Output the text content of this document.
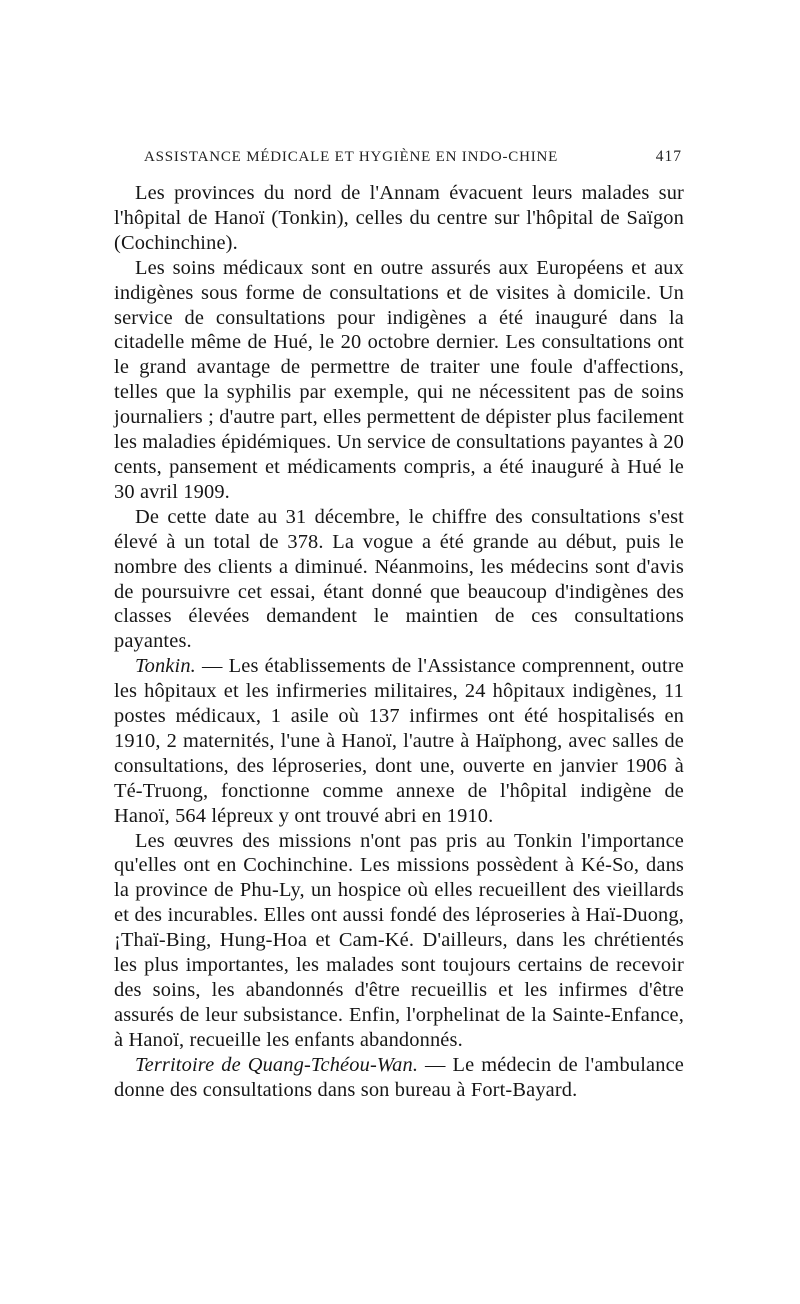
ASSISTANCE MÉDICALE ET HYGIÈNE EN INDO-CHINE	417

Les provinces du nord de l'Annam évacuent leurs malades sur l'hôpital de Hanoï (Tonkin), celles du centre sur l'hôpital de Saïgon (Cochinchine).

Les soins médicaux sont en outre assurés aux Européens et aux indigènes sous forme de consultations et de visites à domicile. Un service de consultations pour indigènes a été inauguré dans la citadelle même de Hué, le 20 octobre dernier. Les consultations ont le grand avantage de permettre de traiter une foule d'affections, telles que la syphilis par exemple, qui ne nécessitent pas de soins journaliers ; d'autre part, elles permettent de dépister plus facilement les maladies épidémiques. Un service de consultations payantes à 20 cents, pansement et médicaments compris, a été inauguré à Hué le 30 avril 1909.

De cette date au 31 décembre, le chiffre des consultations s'est élevé à un total de 378. La vogue a été grande au début, puis le nombre des clients a diminué. Néanmoins, les médecins sont d'avis de poursuivre cet essai, étant donné que beaucoup d'indigènes des classes élevées demandent le maintien de ces consultations payantes.

Tonkin. — Les établissements de l'Assistance comprennent, outre les hôpitaux et les infirmeries militaires, 24 hôpitaux indigènes, 11 postes médicaux, 1 asile où 137 infirmes ont été hospitalisés en 1910, 2 maternités, l'une à Hanoï, l'autre à Haïphong, avec salles de consultations, des léproseries, dont une, ouverte en janvier 1906 à Té-Truong, fonctionne comme annexe de l'hôpital indigène de Hanoï, 564 lépreux y ont trouvé abri en 1910.

Les œuvres des missions n'ont pas pris au Tonkin l'importance qu'elles ont en Cochinchine. Les missions possèdent à Ké-So, dans la province de Phu-Ly, un hospice où elles recueillent des vieillards et des incurables. Elles ont aussi fondé des léproseries à Haï-Duong, ¡Thaï-Bing, Hung-Hoa et Cam-Ké. D'ailleurs, dans les chrétientés les plus importantes, les malades sont toujours certains de recevoir des soins, les abandonnés d'être recueillis et les infirmes d'être assurés de leur subsistance. Enfin, l'orphelinat de la Sainte-Enfance, à Hanoï, recueille les enfants abandonnés.

Territoire de Quang-Tchéou-Wan. — Le médecin de l'ambulance donne des consultations dans son bureau à Fort-Bayard.
